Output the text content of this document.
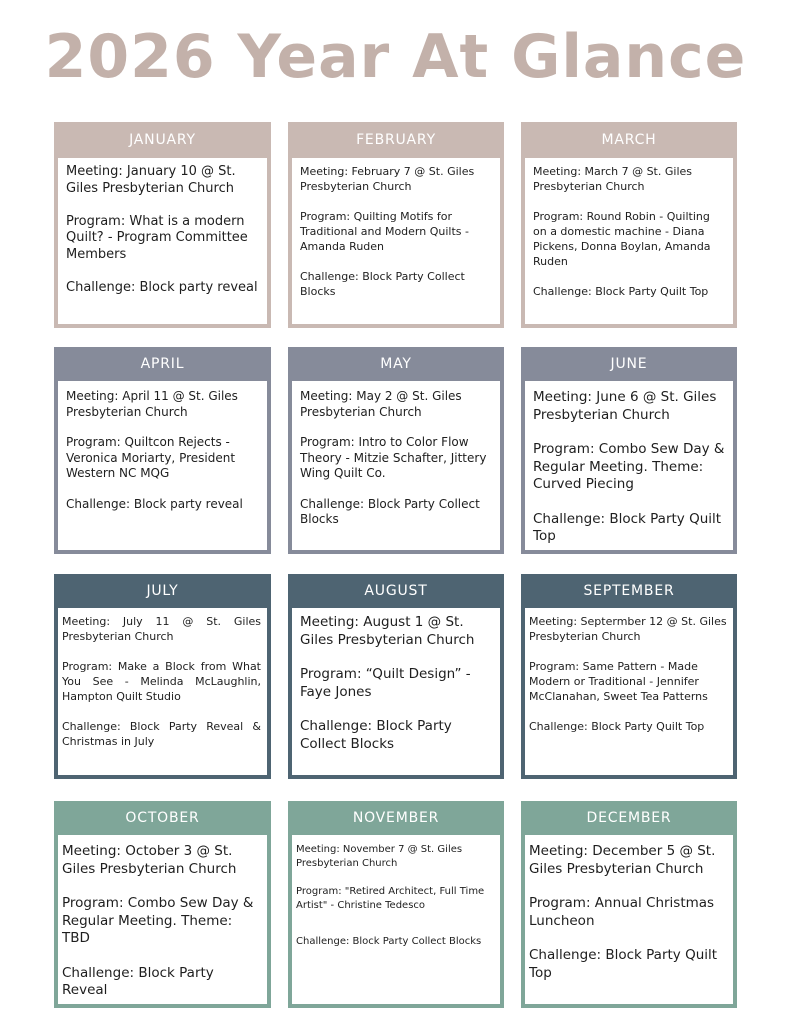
2026 Year At Glance
JANUARY

Meeting: January 10 @ St. Giles Presbyterian Church

Program: What is a modern Quilt? - Program Committee Members

Challenge: Block party reveal

FEBRUARY

Meeting: February 7 @ St. Giles Presbyterian Church

Program: Quilting Motifs for Traditional and Modern Quilts - Amanda Ruden

Challenge: Block Party Collect Blocks

MARCH

Meeting: March 7 @ St. Giles Presbyterian Church

Program: Round Robin - Quilting on a domestic machine - Diana Pickens, Donna Boylan, Amanda Ruden

Challenge: Block Party Quilt Top

APRIL

Meeting: April 11 @ St. Giles Presbyterian Church

Program: Quiltcon Rejects - Veronica Moriarty, President Western NC MQG

Challenge: Block party reveal

MAY

Meeting: May 2 @ St. Giles Presbyterian Church

Program: Intro to Color Flow Theory - Mitzie Schafter, Jittery Wing Quilt Co.

Challenge: Block Party Collect Blocks

JUNE

Meeting: June 6 @ St. Giles Presbyterian Church

Program: Combo Sew Day & Regular Meeting. Theme: Curved Piecing

Challenge: Block Party Quilt Top

JULY

Meeting: July 11 @ St. Giles Presbyterian Church

Program: Make a Block from What You See - Melinda McLaughlin, Hampton Quilt Studio

Challenge: Block Party Reveal & Christmas in July

AUGUST

Meeting: August 1 @ St. Giles Presbyterian Church

Program: “Quilt Design” - Faye Jones

Challenge: Block Party Collect Blocks

SEPTEMBER

Meeting: Septermber 12 @ St. Giles Presbyterian Church

Program: Same Pattern - Made Modern or Traditional - Jennifer McClanahan, Sweet Tea Patterns

Challenge: Block Party Quilt Top

OCTOBER

Meeting: October 3 @ St. Giles Presbyterian Church

Program: Combo Sew Day & Regular Meeting. Theme: TBD

Challenge: Block Party Reveal

NOVEMBER

Meeting: November 7 @ St. Giles Presbyterian Church

Program: "Retired Architect, Full Time Artist" - Christine Tedesco

Challenge: Block Party Collect Blocks

DECEMBER

Meeting: December 5 @ St. Giles Presbyterian Church

Program: Annual Christmas Luncheon

Challenge: Block Party Quilt Top
